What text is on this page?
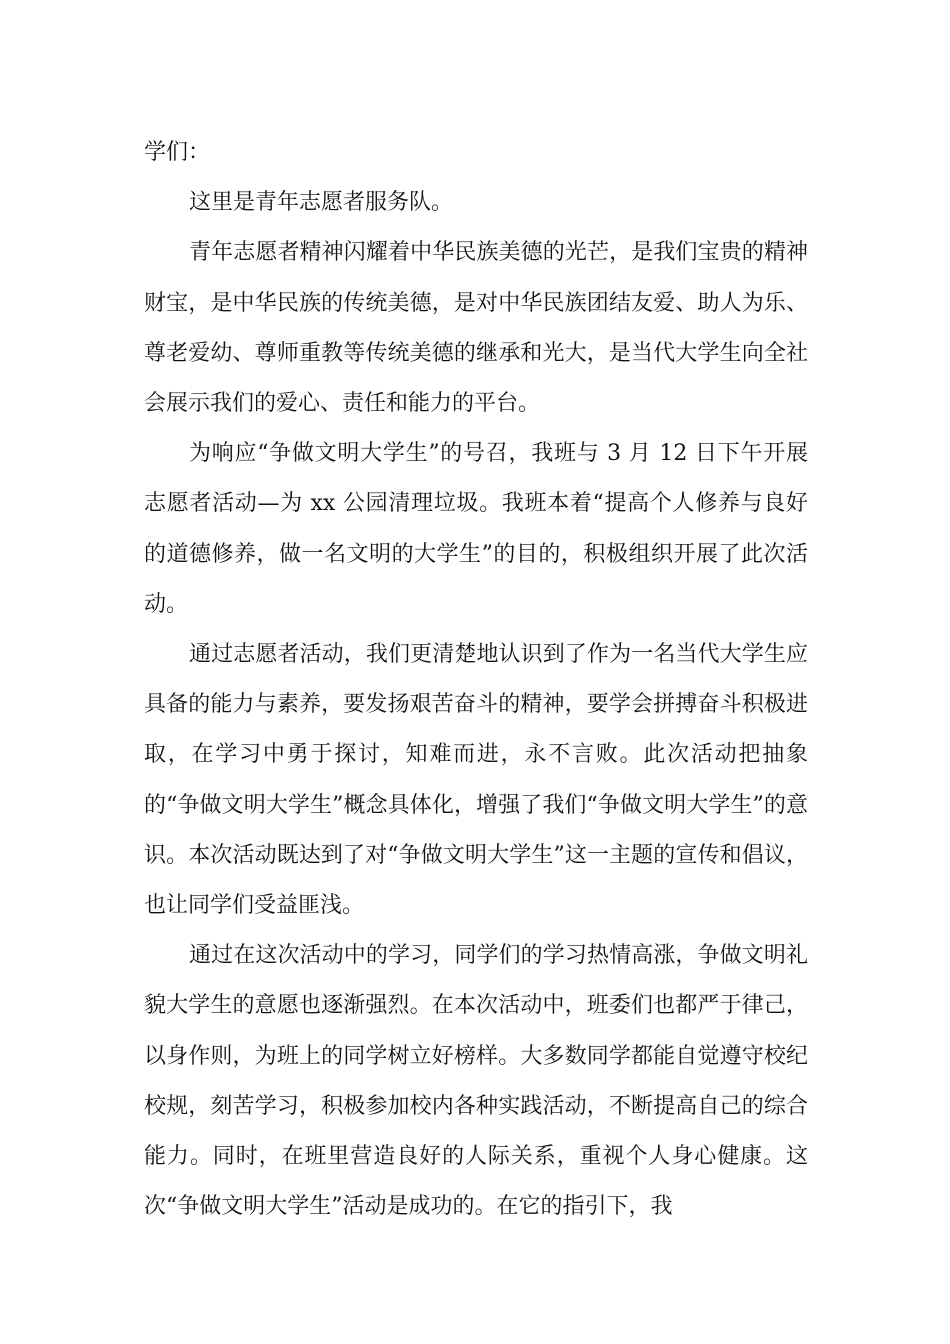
学们：

这里是青年志愿者服务队。

青年志愿者精神闪耀着中华民族美德的光芒，是我们宝贵的精神财宝，是中华民族的传统美德，是对中华民族团结友爱、助人为乐、尊老爱幼、尊师重教等传统美德的继承和光大，是当代大学生向全社会展示我们的爱心、责任和能力的平台。

为响应“争做文明大学生”的号召，我班与 3 月 12 日下午开展志愿者活动—为 xx 公园清理垃圾。我班本着“提高个人修养与良好的道德修养，做一名文明的大学生”的目的，积极组织开展了此次活动。

通过志愿者活动，我们更清楚地认识到了作为一名当代大学生应具备的能力与素养，要发扬艰苦奋斗的精神，要学会拼搏奋斗积极进取，在学习中勇于探讨，知难而进，永不言败。此次活动把抽象的“争做文明大学生”概念具体化，增强了我们“争做文明大学生”的意识。本次活动既达到了对“争做文明大学生”这一主题的宣传和倡议，也让同学们受益匪浅。

通过在这次活动中的学习，同学们的学习热情高涨，争做文明礼貌大学生的意愿也逐渐强烈。在本次活动中，班委们也都严于律己，以身作则，为班上的同学树立好榜样。大多数同学都能自觉遵守校纪校规，刻苦学习，积极参加校内各种实践活动，不断提高自己的综合能力。同时，在班里营造良好的人际关系，重视个人身心健康。这次“争做文明大学生”活动是成功的。在它的指引下，我
